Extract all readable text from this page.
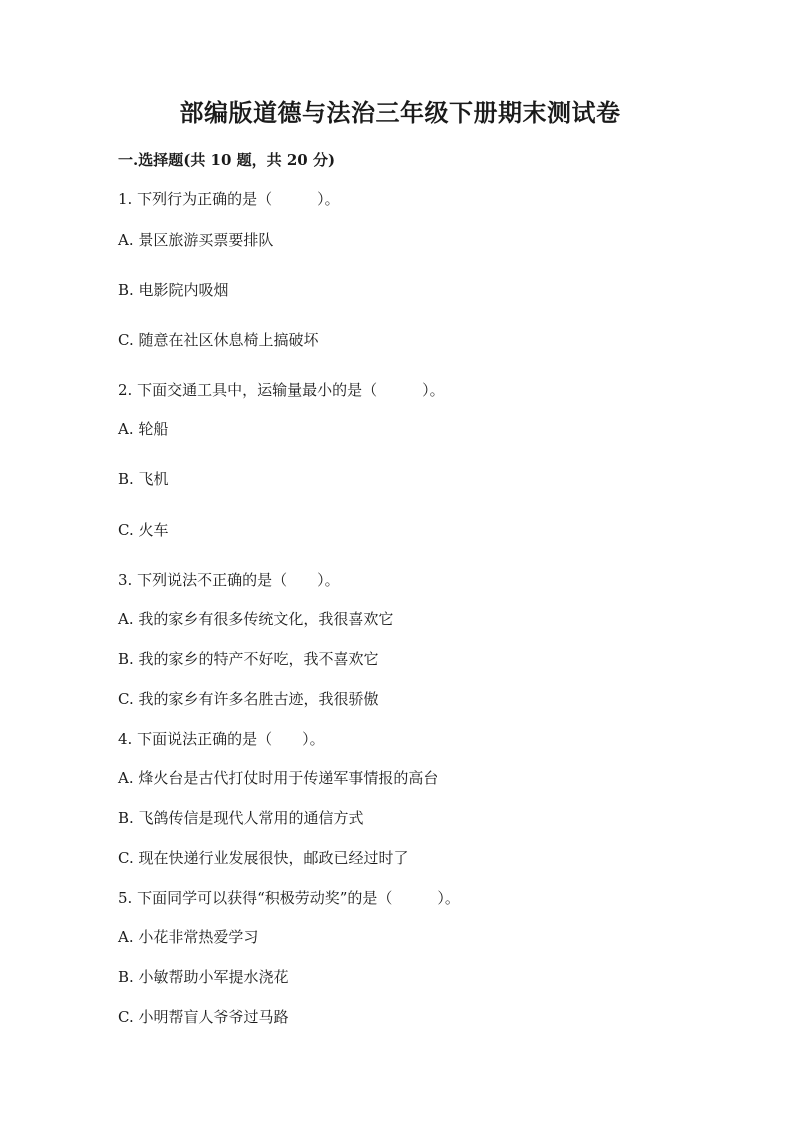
部编版道德与法治三年级下册期末测试卷
一.选择题(共 10 题，共 20 分)
1. 下列行为正确的是（　　　）。
A. 景区旅游买票要排队
B. 电影院内吸烟
C. 随意在社区休息椅上搞破坏
2. 下面交通工具中，运输量最小的是（　　　）。
A. 轮船
B. 飞机
C. 火车
3. 下列说法不正确的是（　　）。
A. 我的家乡有很多传统文化，我很喜欢它
B. 我的家乡的特产不好吃，我不喜欢它
C. 我的家乡有许多名胜古迹，我很骄傲
4. 下面说法正确的是（　　）。
A. 烽火台是古代打仗时用于传递军事情报的高台
B. 飞鸽传信是现代人常用的通信方式
C. 现在快递行业发展很快，邮政已经过时了
5. 下面同学可以获得“积极劳动奖”的是（　　　）。
A. 小花非常热爱学习
B. 小敏帮助小军提水浇花
C. 小明帮盲人爷爷过马路
